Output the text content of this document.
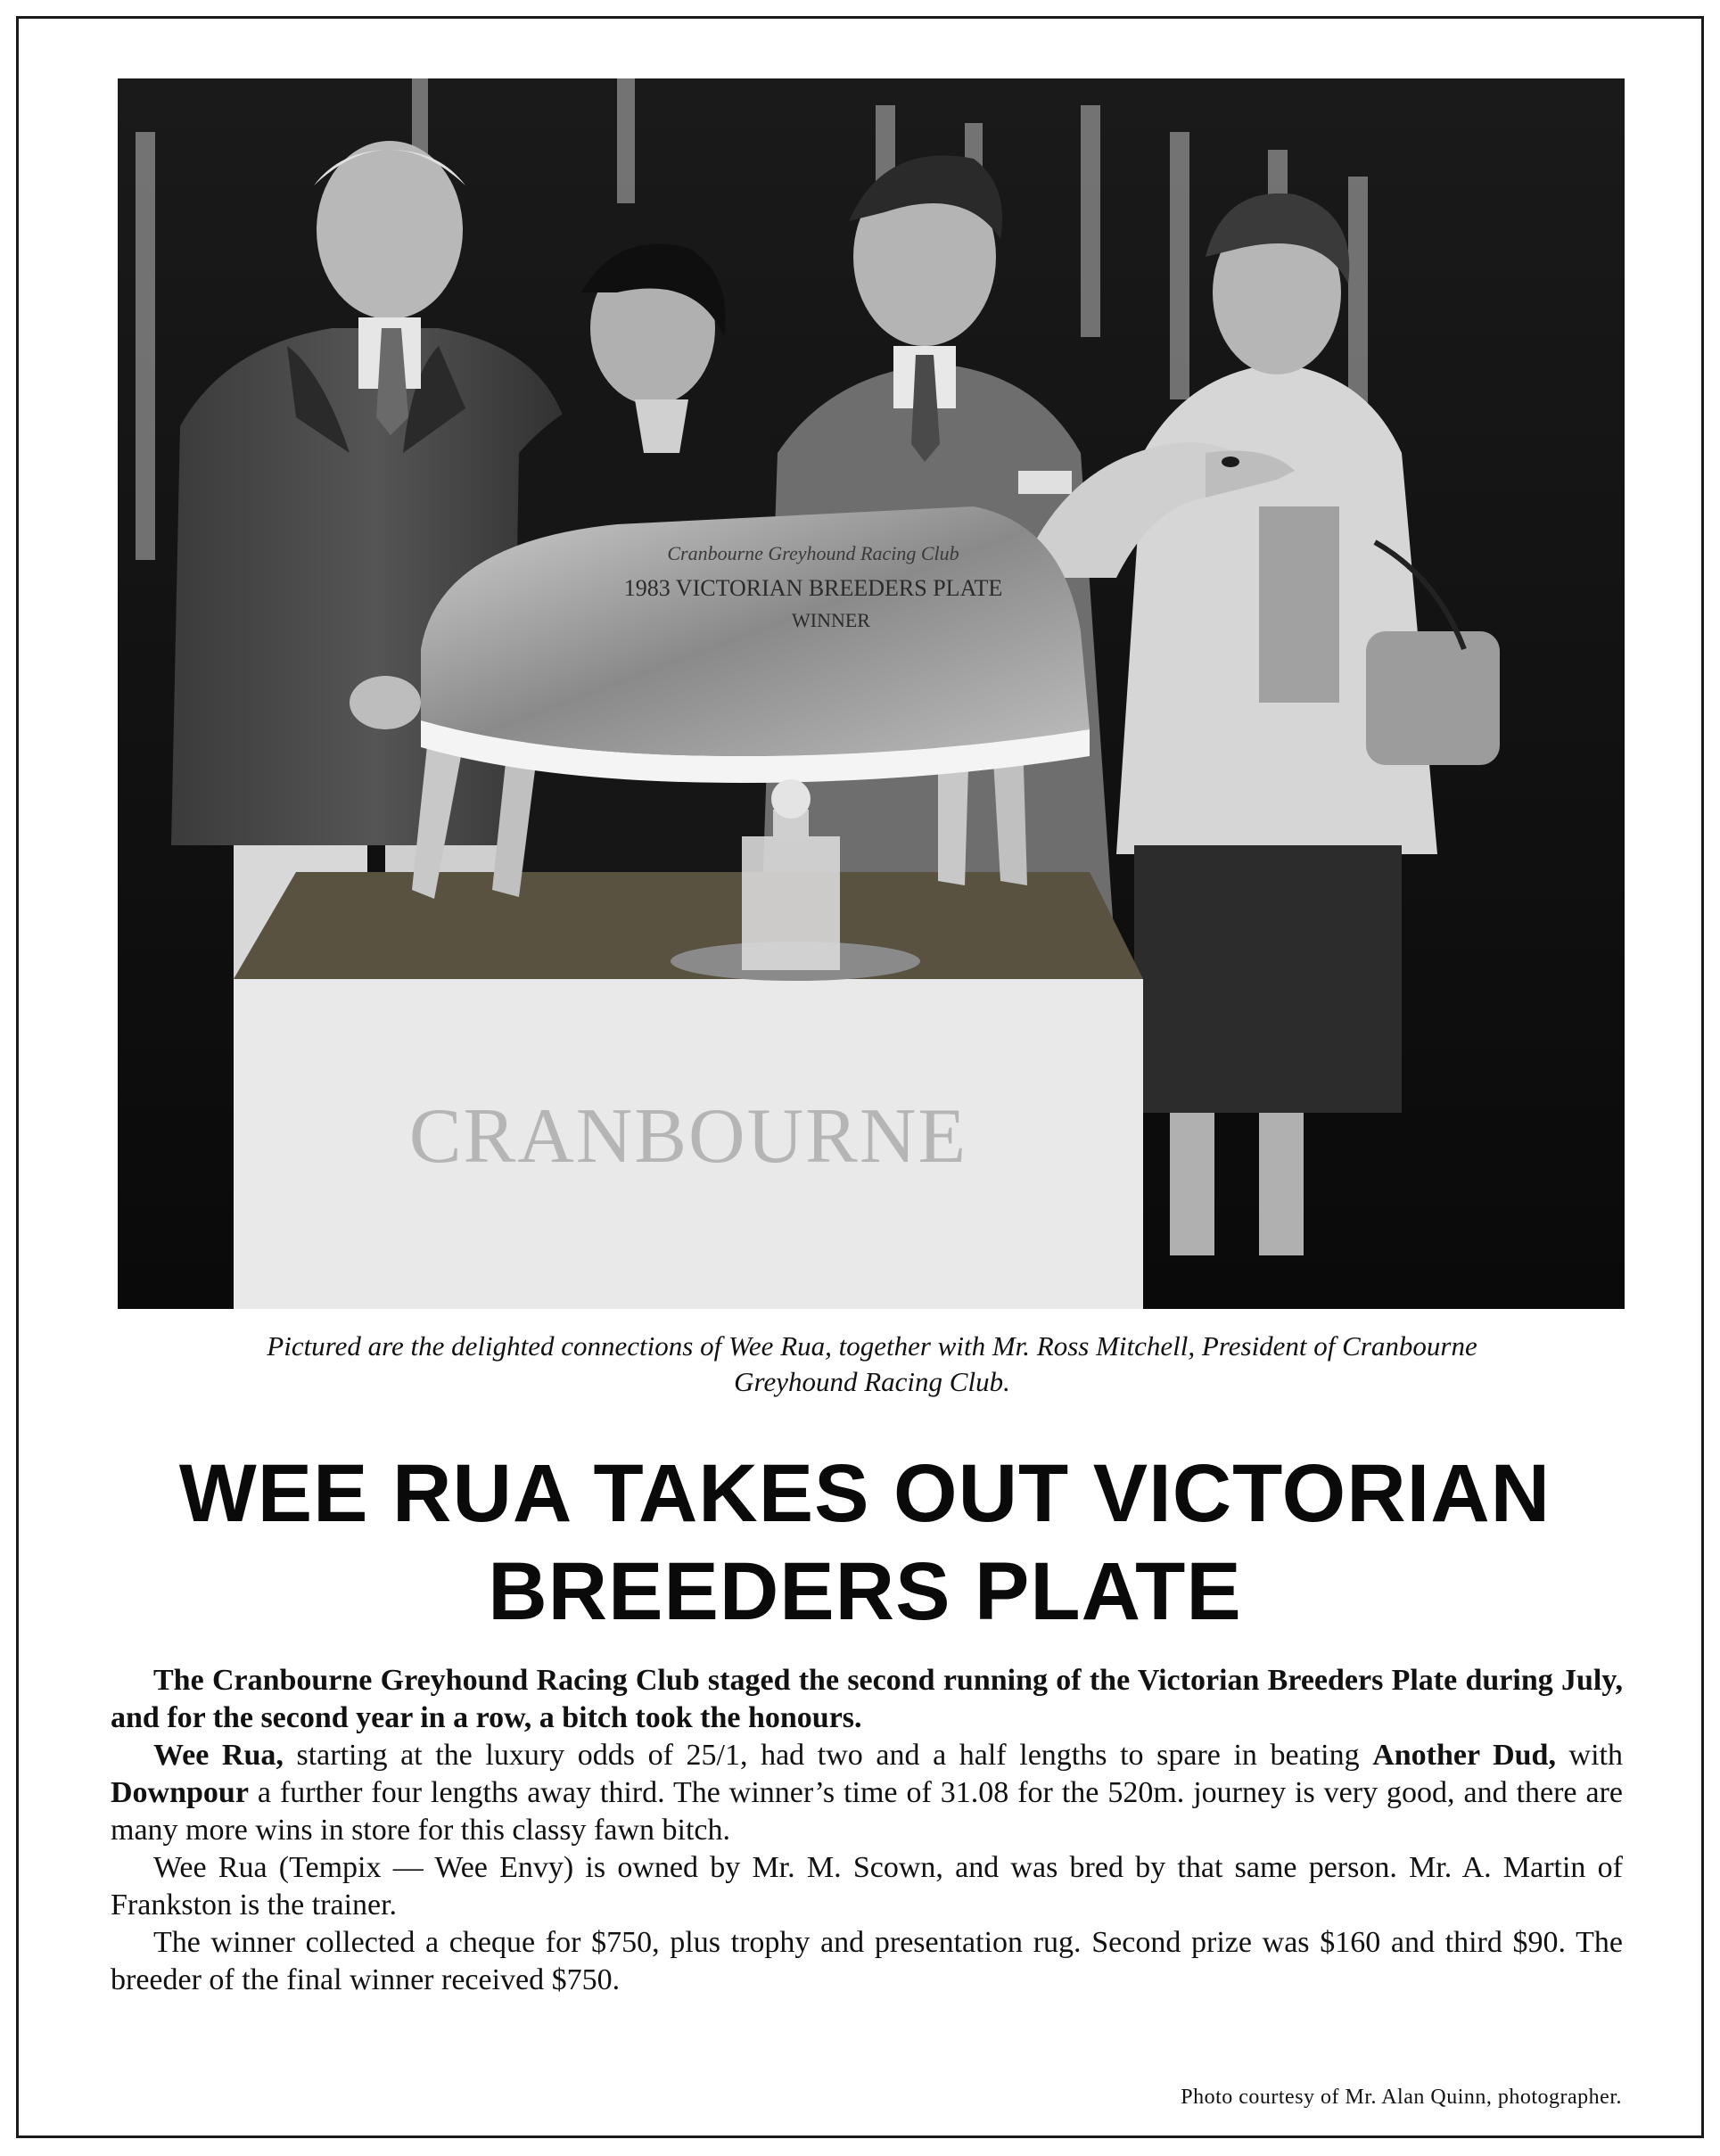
CRANBOURNE
Cranbourne Greyhound Racing Club
1983 VICTORIAN BREEDERS PLATE
WINNER
Pictured are the delighted connections of Wee Rua, together with Mr. Ross Mitchell, President of Cranbourne
Greyhound Racing Club.
WEE RUA TAKES OUT VICTORIAN
BREEDERS PLATE

The Cranbourne Greyhound Racing Club staged the second running of the Victorian Breeders Plate during July, and for the second year in a row, a bitch took the honours.

Wee Rua, starting at the luxury odds of 25/1, had two and a half lengths to spare in beating Another Dud, with Downpour a further four lengths away third. The winner’s time of 31.08 for the 520m. journey is very good, and there are many more wins in store for this classy fawn bitch.

Wee Rua (Tempix — Wee Envy) is owned by Mr. M. Scown, and was bred by that same person. Mr. A. Martin of Frankston is the trainer.

The winner collected a cheque for $750, plus trophy and presentation rug. Second prize was $160 and third $90. The breeder of the final winner received $750.

Photo courtesy of Mr. Alan Quinn, photographer.
